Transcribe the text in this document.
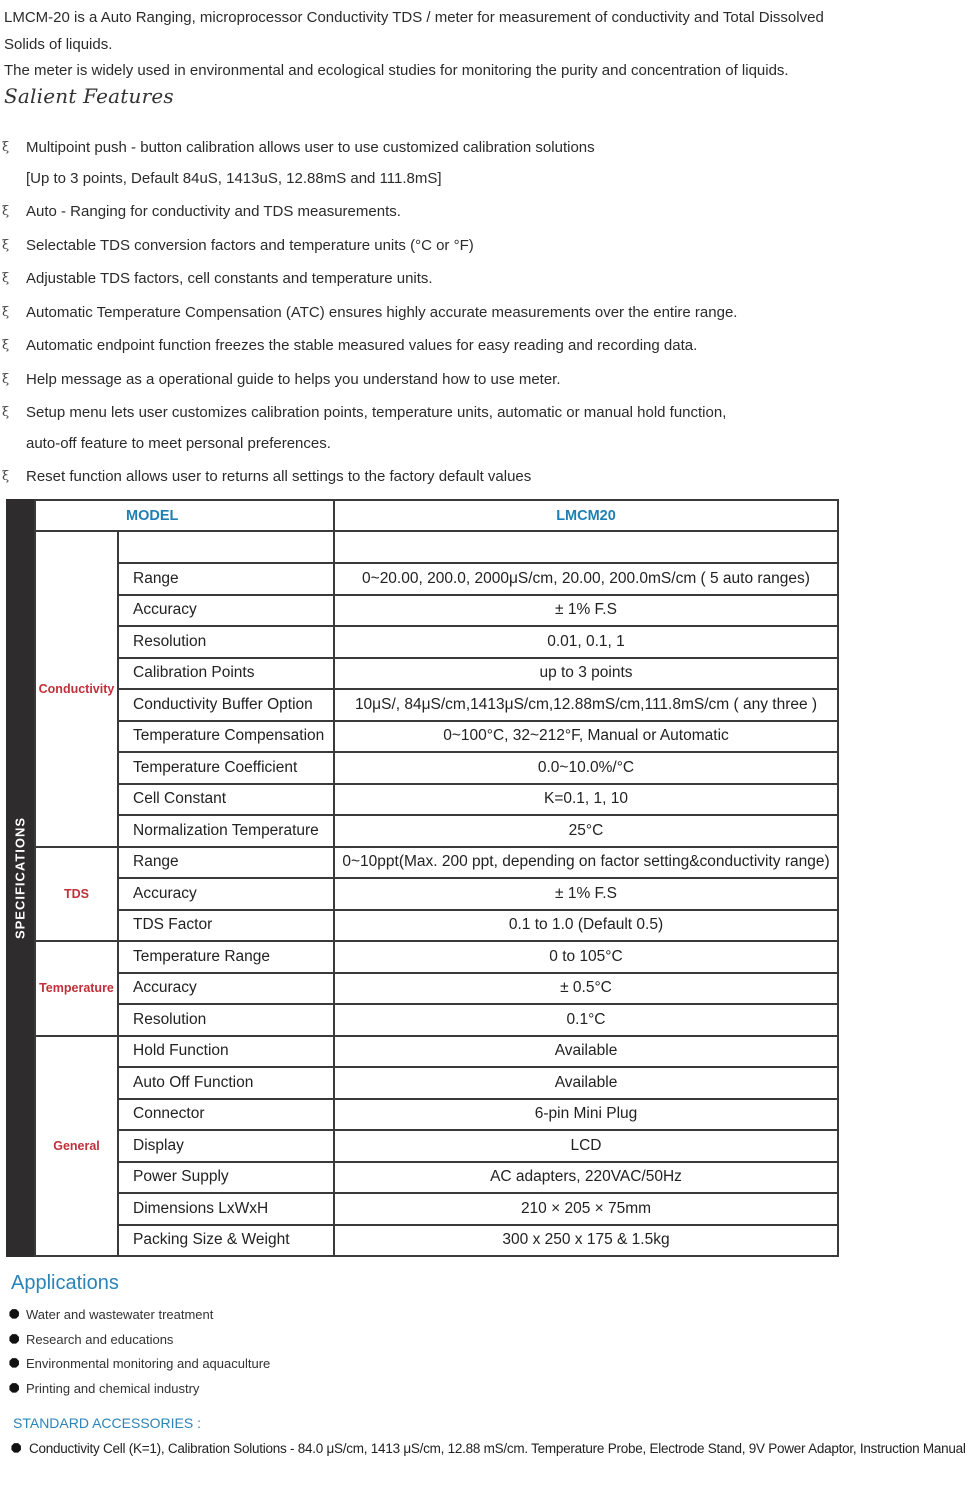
LMCM-20 is a Auto Ranging, microprocessor Conductivity TDS / meter for measurement of conductivity and Total Dissolved

Solids of liquids.

The meter is widely used in environmental and ecological studies for monitoring the purity and concentration of liquids.

Salient Features
ξ Multipoint push - button calibration allows user to use customized calibration solutions
[Up to 3 points, Default 84uS, 1413uS, 12.88mS and 111.8mS]
ξ Auto - Ranging for conductivity and TDS measurements.
ξ Selectable TDS conversion factors and temperature units (°C or °F)
ξ Adjustable TDS factors, cell constants and temperature units.
ξ Automatic Temperature Compensation (ATC) ensures highly accurate measurements over the entire range.
ξ Automatic endpoint function freezes the stable measured values for easy reading and recording data.
ξ Help message as a operational guide to helps you understand how to use meter.
ξ Setup menu lets user customizes calibration points, temperature units, automatic or manual hold function,
auto-off feature to meet personal preferences.
ξ Reset function allows user to returns all settings to the factory default values
SPECIFICATIONS
MODEL		LMCM20
Conductivity		
	Range	0~20.00, 200.0, 2000μS/cm, 20.00, 200.0mS/cm ( 5 auto ranges)
	Accuracy	± 1% F.S
	Resolution	0.01, 0.1, 1
	Calibration Points	up to 3 points
	Conductivity Buffer Option	10μS/, 84μS/cm,1413μS/cm,12.88mS/cm,111.8mS/cm ( any three )
	Temperature Compensation	0~100°C, 32~212°F, Manual or Automatic
	Temperature Coefficient	0.0~10.0%/°C
	Cell Constant	K=0.1, 1, 10
	Normalization Temperature	25°C
TDS	Range	0~10ppt(Max. 200 ppt, depending on factor setting&conductivity range)
	Accuracy	± 1% F.S
	TDS Factor	0.1 to 1.0 (Default 0.5)
Temperature	Temperature Range	0 to 105°C
	Accuracy	± 0.5°C
	Resolution	0.1°C
General	Hold Function	Available
	Auto Off Function	Available
	Connector	6-pin Mini Plug
	Display	LCD
	Power Supply	AC adapters, 220VAC/50Hz
	Dimensions LxWxH	210 × 205 × 75mm
	Packing Size & Weight	300 x 250 x 175 & 1.5kg
Applications
⯃ Water and wastewater treatment
⯃ Research and educations
⯃ Environmental monitoring and aquaculture
⯃ Printing and chemical industry
STANDARD ACCESSORIES :
⯃ Conductivity Cell (K=1), Calibration Solutions - 84.0 μS/cm, 1413 μS/cm, 12.88 mS/cm. Temperature Probe, Electrode Stand, 9V Power Adaptor, Instruction Manual
